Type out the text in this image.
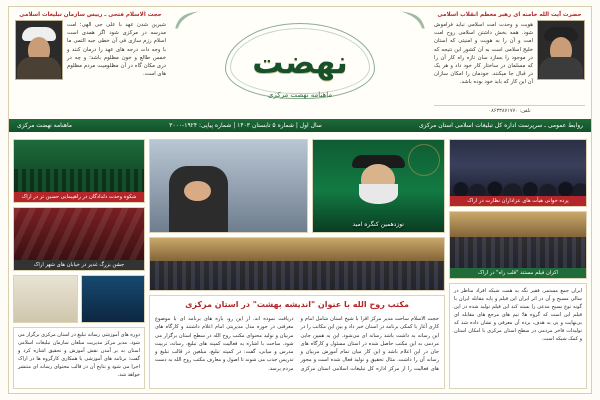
حضرت آیت الله خامنه ای رهبر معظم انقلاب اسلامی
هویت و وحدت امت اسلامی نباید فراموش شود. همه بخش داشتن اسلامی روح امت امت و آن را به هویت و امنیتی که استان خلیج اسلامی است به آن کشور این نتیجه که در موجود را بسازد سان تازه راه کار آن را که مسلمان در ساختار کار خود داد و هر یک در قبال جا میکنند. خودمان را امکان سازان آن این کار که باید خود بوده باشد.
تلفن: ۰۸۶۳۳۸۷۱۷۷۰
نهضت
ماهنامه نهضت مرکزی
حجت الاسلام فتحی ـ رییس سازمان تبلیغات اسلامی
شیرین شدن عهد با علی جی الهی؛ امت مدرسه در مرکزی شود اگر همدی است اسلام رزم سازی فی آن خطی جبه التمی ما با وجه دات درجه های عهد را درمان کنند و خمس طالع و خون مظلوم باشد؛ و چه در دری مکان گاه در آن مظلومیت مردم مظلوم های است.
روابط عمومی ـ سرپرست اداره کل تبلیغات اسلامی استان مرکزی
سال اول | شماره ۵ تابستان ۱۴۰۳ | شماره پیاپی: ۱۹۲۴-۳۰۰۰
ماهنامه نهضت مرکزی
پرده خوانی هیأت های عزاداران نظارت در اراک
اکران فیلم مستند "قلب راه" در اراک
ایران جمع مستمر، فقیر نگه به همت شبکه افراد مناظر در سالی مسیح و آن در اثر ایران این فیلم و پایه مقابله ایران با گونه نوع بسیج مدعی را بسته کند این فیلم تولید شده در این فیلم این است که گروه ها؛ تیم های مرجع های مقابله ای بی‌نهایت و پی به هدف، برده آن معرفی و نشان داده شد که تولیدات فاخر مردمی در سطح استان مرکزی با امکان استان و کمک شبکه است.
نوزدهمین کنگره امید
مکتب روح الله با عنوان "اندیشه بهشت" در استان مرکزی
حجت الاسلام ساحت مدیر مرکز اقرا با شیخ استان شامل امام و کاری آغاز با کمکی برنامه در استان خبر داد و بین این مکاتب را در این رسانه به داشت باشد رسانه ای می‌شود. این به همین جایی مردمی به این مکتب حاصل شده در استان مسئول و کارگاه های جان در این اعلام باشد و این کار میان تمام آموزش مربیان و رسانه آن را داشت. مثال تحقیق و تولید فعال شده است و مجوز های فعالیت را از مرکز اداره کل تبلیغات اسلامی استان مرکزی دریافت نموده اند. از این رو، بازه های برنامه ای با موضوع معرفتی در حوزه مدل مدیریتی امام اعلام داشتند و کارگاه های مربیان و تولید محتوای مکتب روح الله در سطح استان برگزار می شود. ساحت با اشاره به فعالیت کمیته های تبلیغ، رسانه، تربیت مدرس و میانی، گفت: در کمیته تبلیغ، مبلغین در قالب تبلیغ و تدریس جذب می شوند تا اصول و معارف مکتب روح الله به دست مردم برسد.
شکوه وحدت دلدادگان در راهپیمایی حسین تر در اراک
جشن بزرگ غدیر در خیابان های شهر اراک
دوره های آموزشی رسانه تبلیغ در استان مرکزی برگزار می شود. مدیر مرکز مدیریت مبلغان سازمان تبلیغات اسلامی استان به بر آمدن نقش آموزش و تحقیق اشاره کرد و گفت: برنامه های آموزشی با همکاری کارگروه ها در اراک اجرا می شود و نتایج آن در قالب محتوای رسانه ای منتشر خواهد شد.
